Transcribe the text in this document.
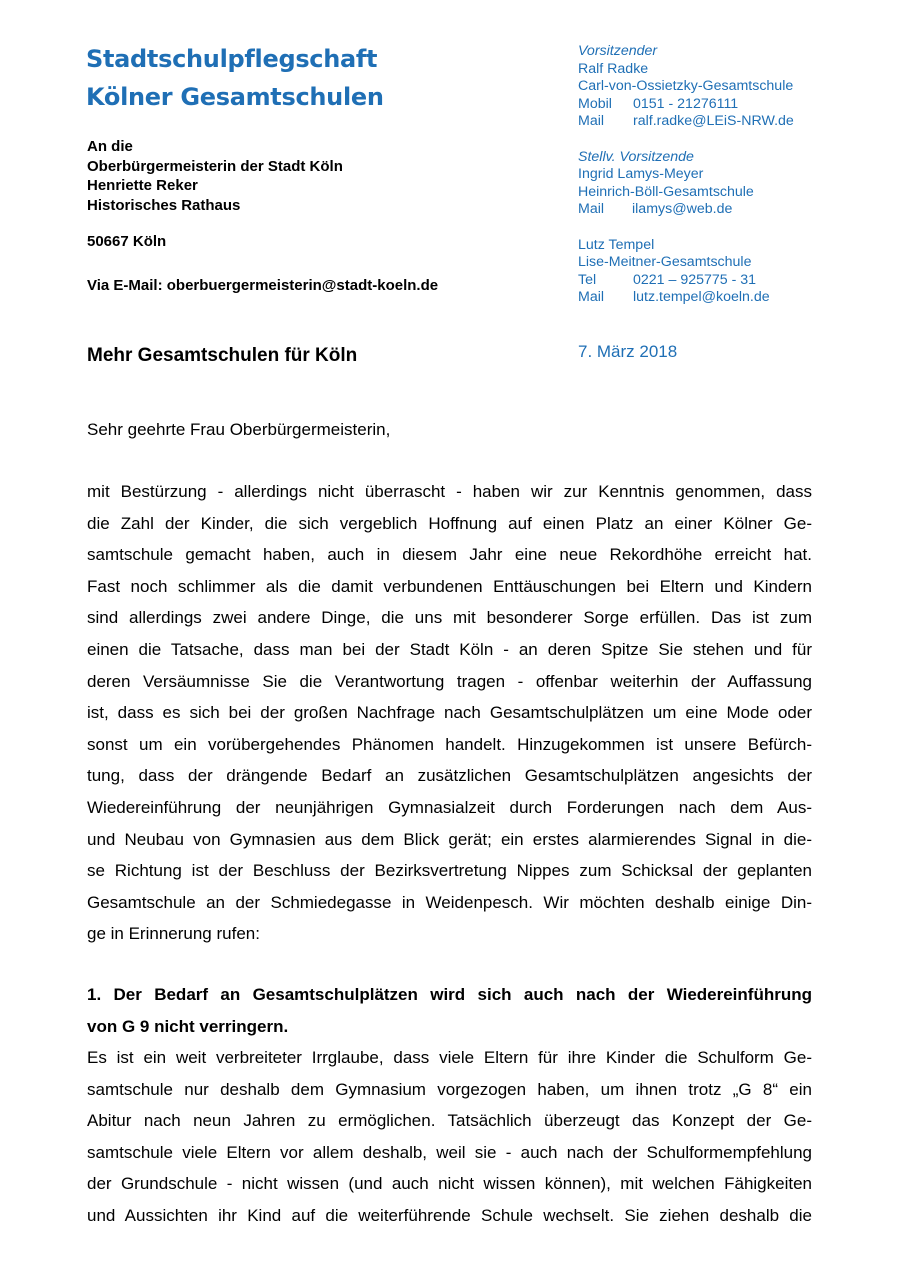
Stadtschulpflegschaft
Kölner Gesamtschulen
An die
Oberbürgermeisterin der Stadt Köln
Henriette Reker
Historisches Rathaus
50667 Köln
Via E-Mail: oberbuergermeisterin@stadt-koeln.de
Vorsitzender
Ralf Radke
Carl-von-Ossietzky-Gesamtschule
Mobil 0151 - 21276111
Mail ralf.radke@LEiS-NRW.de
Stellv. Vorsitzende
Ingrid Lamys-Meyer
Heinrich-Böll-Gesamtschule
Mail ilamys@web.de
Lutz Tempel
Lise-Meitner-Gesamtschule
Tel	0221 – 925775 - 31
Mail lutz.tempel@koeln.de
7. März 2018
Mehr Gesamtschulen für Köln
Sehr geehrte Frau Oberbürgermeisterin,
mit Bestürzung - allerdings nicht überrascht - haben wir zur Kenntnis genommen, dass
die Zahl der Kinder, die sich vergeblich Hoffnung auf einen Platz an einer Kölner Ge-
samtschule gemacht haben, auch in diesem Jahr eine neue Rekordhöhe erreicht hat.
Fast noch schlimmer als die damit verbundenen Enttäuschungen bei Eltern und Kindern
sind allerdings zwei andere Dinge, die uns mit besonderer Sorge erfüllen. Das ist zum
einen die Tatsache, dass man bei der Stadt Köln - an deren Spitze Sie stehen und für
deren Versäumnisse Sie die Verantwortung tragen - offenbar weiterhin der Auffassung
ist, dass es sich bei der großen Nachfrage nach Gesamtschulplätzen um eine Mode oder
sonst um ein vorübergehendes Phänomen handelt. Hinzugekommen ist unsere Befürch-
tung, dass der drängende Bedarf an zusätzlichen Gesamtschulplätzen angesichts der
Wiedereinführung der neunjährigen Gymnasialzeit durch Forderungen nach dem Aus-
und Neubau von Gymnasien aus dem Blick gerät; ein erstes alarmierendes Signal in die-
se Richtung ist der Beschluss der Bezirksvertretung Nippes zum Schicksal der geplanten
Gesamtschule an der Schmiedegasse in Weidenpesch. Wir möchten deshalb einige Din-
ge in Erinnerung rufen:
1. Der Bedarf an Gesamtschulplätzen wird sich auch nach der Wiedereinführung
von G 9 nicht verringern.
Es ist ein weit verbreiteter Irrglaube, dass viele Eltern für ihre Kinder die Schulform Ge-
samtschule nur deshalb dem Gymnasium vorgezogen haben, um ihnen trotz „G 8“ ein
Abitur nach neun Jahren zu ermöglichen. Tatsächlich überzeugt das Konzept der Ge-
samtschule viele Eltern vor allem deshalb, weil sie - auch nach der Schulformempfehlung
der Grundschule - nicht wissen (und auch nicht wissen können), mit welchen Fähigkeiten
und Aussichten ihr Kind auf die weiterführende Schule wechselt. Sie ziehen deshalb die
